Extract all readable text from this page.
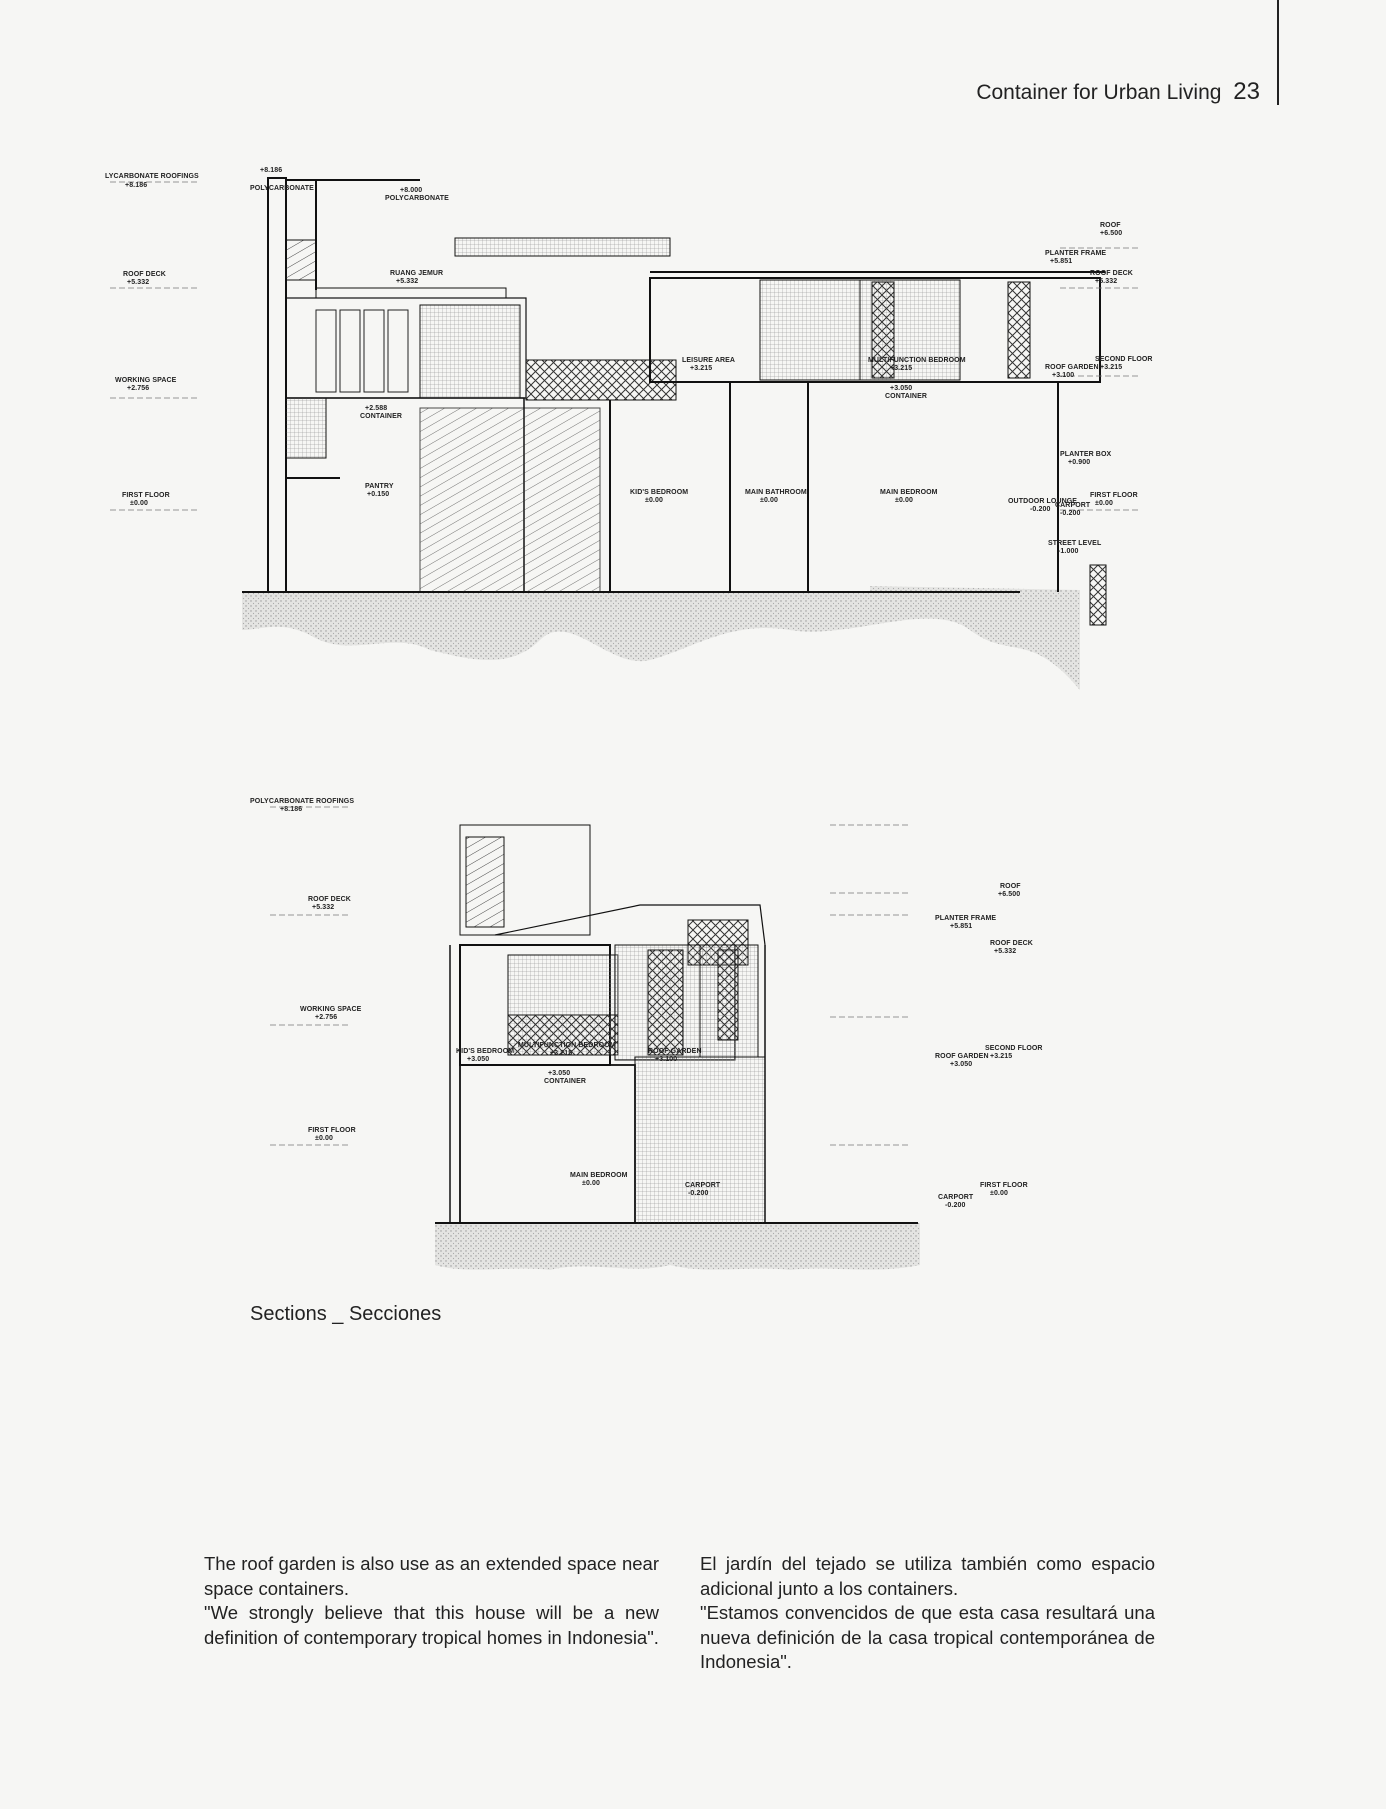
Container for Urban Living 23
LYCARBONATE ROOFINGS
+8.186
ROOF DECK
+5.332
WORKING SPACE
+2.756
FIRST FLOOR
±0.00
+8.186
POLYCARBONATE	+8.000
POLYCARBONATE
RUANG JEMUR
+5.332
+2.588
CONTAINER
PANTRY
+0.150
LEISURE AREA
+3.215
MULTIFUNCTION BEDROOM
+3.215
+3.050
CONTAINER
KID'S BEDROOM
±0.00
MAIN BATHROOM
±0.00
MAIN BEDROOM
±0.00	OUTDOOR LOUNGE
-0.200
PLANTER BOX
+0.900
ROOF
+6.500
PLANTER FRAME
+5.851
ROOF DECK
+5.332
SECOND FLOOR
ROOF GARDEN
+3.100
+3.215
FIRST FLOOR
±0.00
CARPORT
-0.200
STREET LEVEL
-1.000
POLYCARBONATE ROOFINGS
+8.186
ROOF DECK
+5.332
WORKING SPACE
+2.756
FIRST FLOOR
±0.00
KID'S BEDROOM
+3.050
MULTIFUNCTION BEDROOM
+3.215
+3.050
CONTAINER
ROOF GARDEN
+3.100
MAIN BEDROOM
±0.00	CARPORT
-0.200
ROOF
+6.500
PLANTER FRAME
+5.851
ROOF DECK
+5.332
SECOND FLOOR
ROOF GARDEN
+3.050
+3.215
FIRST FLOOR
±0.00
CARPORT
-0.200
Sections _ Secciones

The roof garden is also use as an extended space near space containers.

"We strongly believe that this house will be a new definition of contemporary tropical homes in Indonesia".

El jardín del tejado se utiliza también como espacio adicional junto a los containers.

"Estamos convencidos de que esta casa resultará una nueva definición de la casa tropical contemporánea de Indonesia".
